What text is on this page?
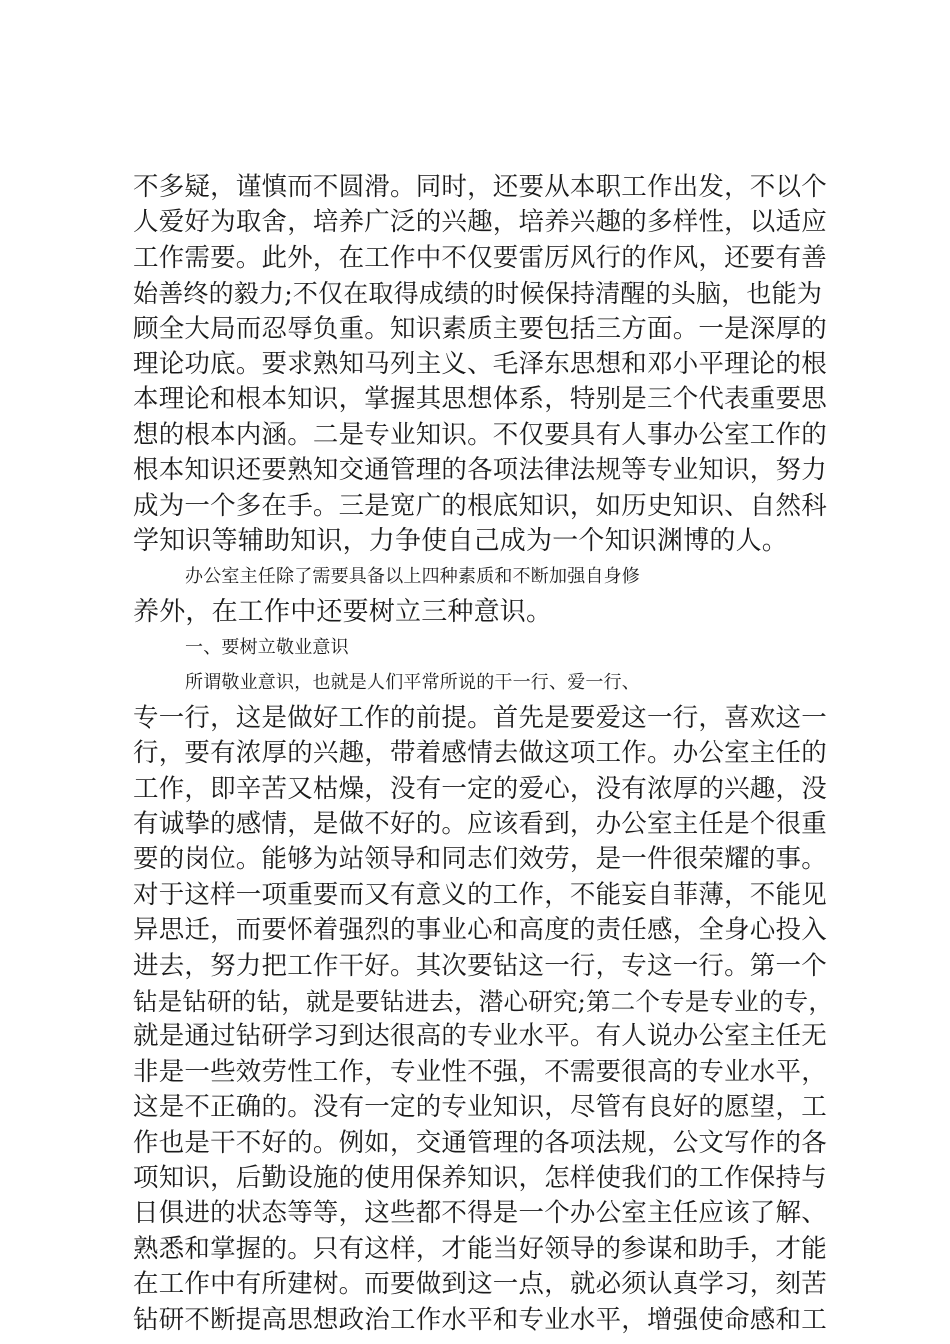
不多疑，谨慎而不圆滑。同时，还要从本职工作出发，不以个
人爱好为取舍，培养广泛的兴趣，培养兴趣的多样性，以适应
工作需要。此外，在工作中不仅要雷厉风行的作风，还要有善
始善终的毅力;不仅在取得成绩的时候保持清醒的头脑，也能为
顾全大局而忍辱负重。知识素质主要包括三方面。一是深厚的
理论功底。要求熟知马列主义、毛泽东思想和邓小平理论的根
本理论和根本知识，掌握其思想体系，特别是三个代表重要思
想的根本内涵。二是专业知识。不仅要具有人事办公室工作的
根本知识还要熟知交通管理的各项法律法规等专业知识，努力
成为一个多在手。三是宽广的根底知识，如历史知识、自然科
学知识等辅助知识，力争使自己成为一个知识渊博的人。
办公室主任除了需要具备以上四种素质和不断加强自身修
养外，在工作中还要树立三种意识。
一、要树立敬业意识
所谓敬业意识，也就是人们平常所说的干一行、爱一行、
专一行，这是做好工作的前提。首先是要爱这一行，喜欢这一
行，要有浓厚的兴趣，带着感情去做这项工作。办公室主任的
工作，即辛苦又枯燥，没有一定的爱心，没有浓厚的兴趣，没
有诚挚的感情，是做不好的。应该看到，办公室主任是个很重
要的岗位。能够为站领导和同志们效劳，是一件很荣耀的事。
对于这样一项重要而又有意义的工作，不能妄自菲薄，不能见
异思迁，而要怀着强烈的事业心和高度的责任感，全身心投入
进去，努力把工作干好。其次要钻这一行，专这一行。第一个
钻是钻研的钻，就是要钻进去，潜心研究;第二个专是专业的专，
就是通过钻研学习到达很高的专业水平。有人说办公室主任无
非是一些效劳性工作，专业性不强，不需要很高的专业水平，
这是不正确的。没有一定的专业知识，尽管有良好的愿望，工
作也是干不好的。例如，交通管理的各项法规，公文写作的各
项知识，后勤设施的使用保养知识，怎样使我们的工作保持与
日俱进的状态等等，这些都不得是一个办公室主任应该了解、
熟悉和掌握的。只有这样，才能当好领导的参谋和助手，才能
在工作中有所建树。而要做到这一点，就必须认真学习，刻苦
钻研不断提高思想政治工作水平和专业水平，增强使命感和工
